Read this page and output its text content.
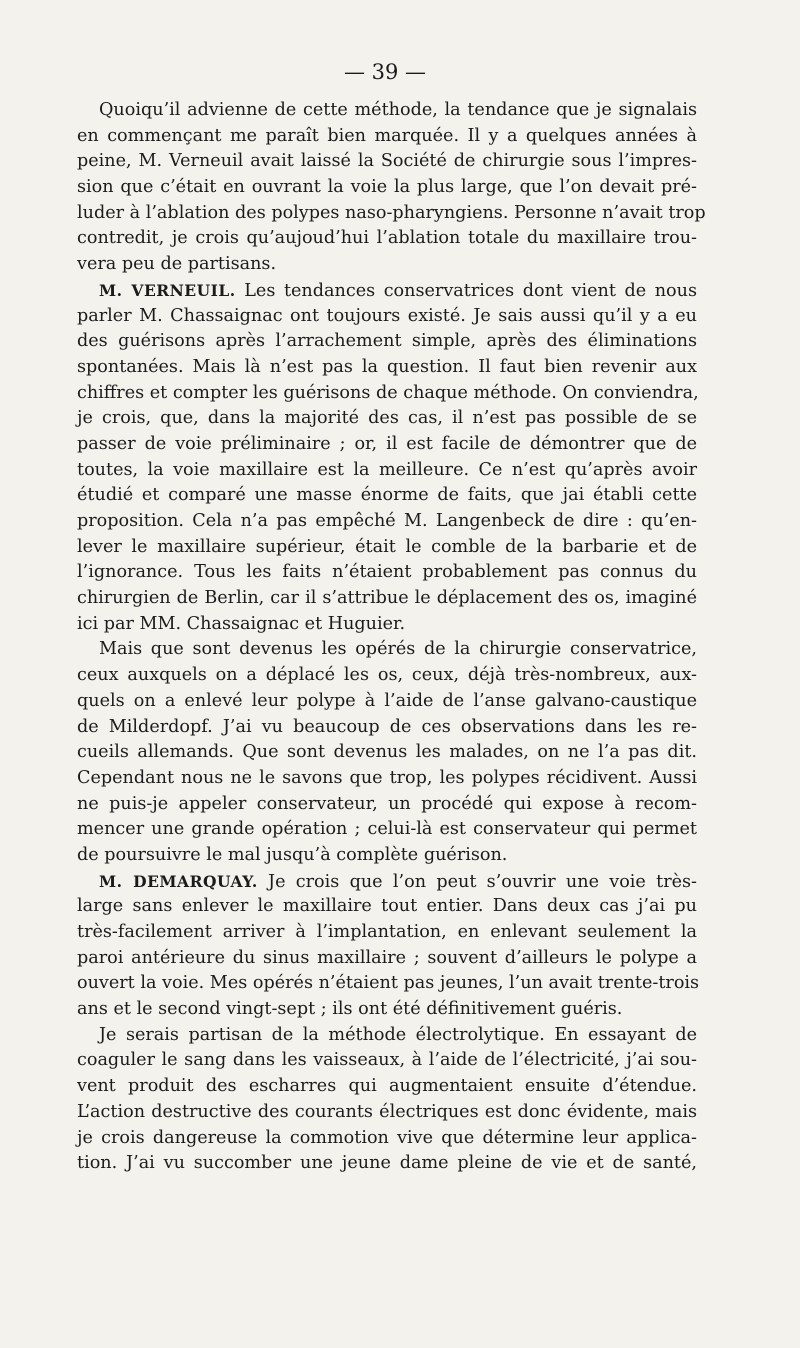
— 39 —
Quoiqu’il advienne de cette méthode, la tendance que je signalais
en commençant me paraît bien marquée. Il y a quelques années à
peine, M. Verneuil avait laissé la Société de chirurgie sous l’impres-
sion que c’était en ouvrant la voie la plus large, que l’on devait pré-
luder à l’ablation des polypes naso-pharyngiens. Personne n’avait trop
contredit, je crois qu’aujoud’hui l’ablation totale du maxillaire trou-
vera peu de partisans.
M. VERNEUIL. Les tendances conservatrices dont vient de nous
parler M. Chassaignac ont toujours existé. Je sais aussi qu’il y a eu
des guérisons après l’arrachement simple, après des éliminations
spontanées. Mais là n’est pas la question. Il faut bien revenir aux
chiffres et compter les guérisons de chaque méthode. On conviendra,
je crois, que, dans la majorité des cas, il n’est pas possible de se
passer de voie préliminaire ; or, il est facile de démontrer que de
toutes, la voie maxillaire est la meilleure. Ce n’est qu’après avoir
étudié et comparé une masse énorme de faits, que jai établi cette
proposition. Cela n’a pas empêché M. Langenbeck de dire : qu’en-
lever le maxillaire supérieur, était le comble de la barbarie et de
l’ignorance. Tous les faits n’étaient probablement pas connus du
chirurgien de Berlin, car il s’attribue le déplacement des os, imaginé
ici par MM. Chassaignac et Huguier.
Mais que sont devenus les opérés de la chirurgie conservatrice,
ceux auxquels on a déplacé les os, ceux, déjà très-nombreux, aux-
quels on a enlevé leur polype à l’aide de l’anse galvano-caustique
de Milderdopf. J’ai vu beaucoup de ces observations dans les re-
cueils allemands. Que sont devenus les malades, on ne l’a pas dit.
Cependant nous ne le savons que trop, les polypes récidivent. Aussi
ne puis-je appeler conservateur, un procédé qui expose à recom-
mencer une grande opération ; celui-là est conservateur qui permet
de poursuivre le mal jusqu’à complète guérison.
M. DEMARQUAY. Je crois que l’on peut s’ouvrir une voie très-
large sans enlever le maxillaire tout entier. Dans deux cas j’ai pu
très-facilement arriver à l’implantation, en enlevant seulement la
paroi antérieure du sinus maxillaire ; souvent d’ailleurs le polype a
ouvert la voie. Mes opérés n’étaient pas jeunes, l’un avait trente-trois
ans et le second vingt-sept ; ils ont été définitivement guéris.
Je serais partisan de la méthode électrolytique. En essayant de
coaguler le sang dans les vaisseaux, à l’aide de l’électricité, j’ai sou-
vent produit des escharres qui augmentaient ensuite d’étendue.
L’action destructive des courants électriques est donc évidente, mais
je crois dangereuse la commotion vive que détermine leur applica-
tion. J’ai vu succomber une jeune dame pleine de vie et de santé,
